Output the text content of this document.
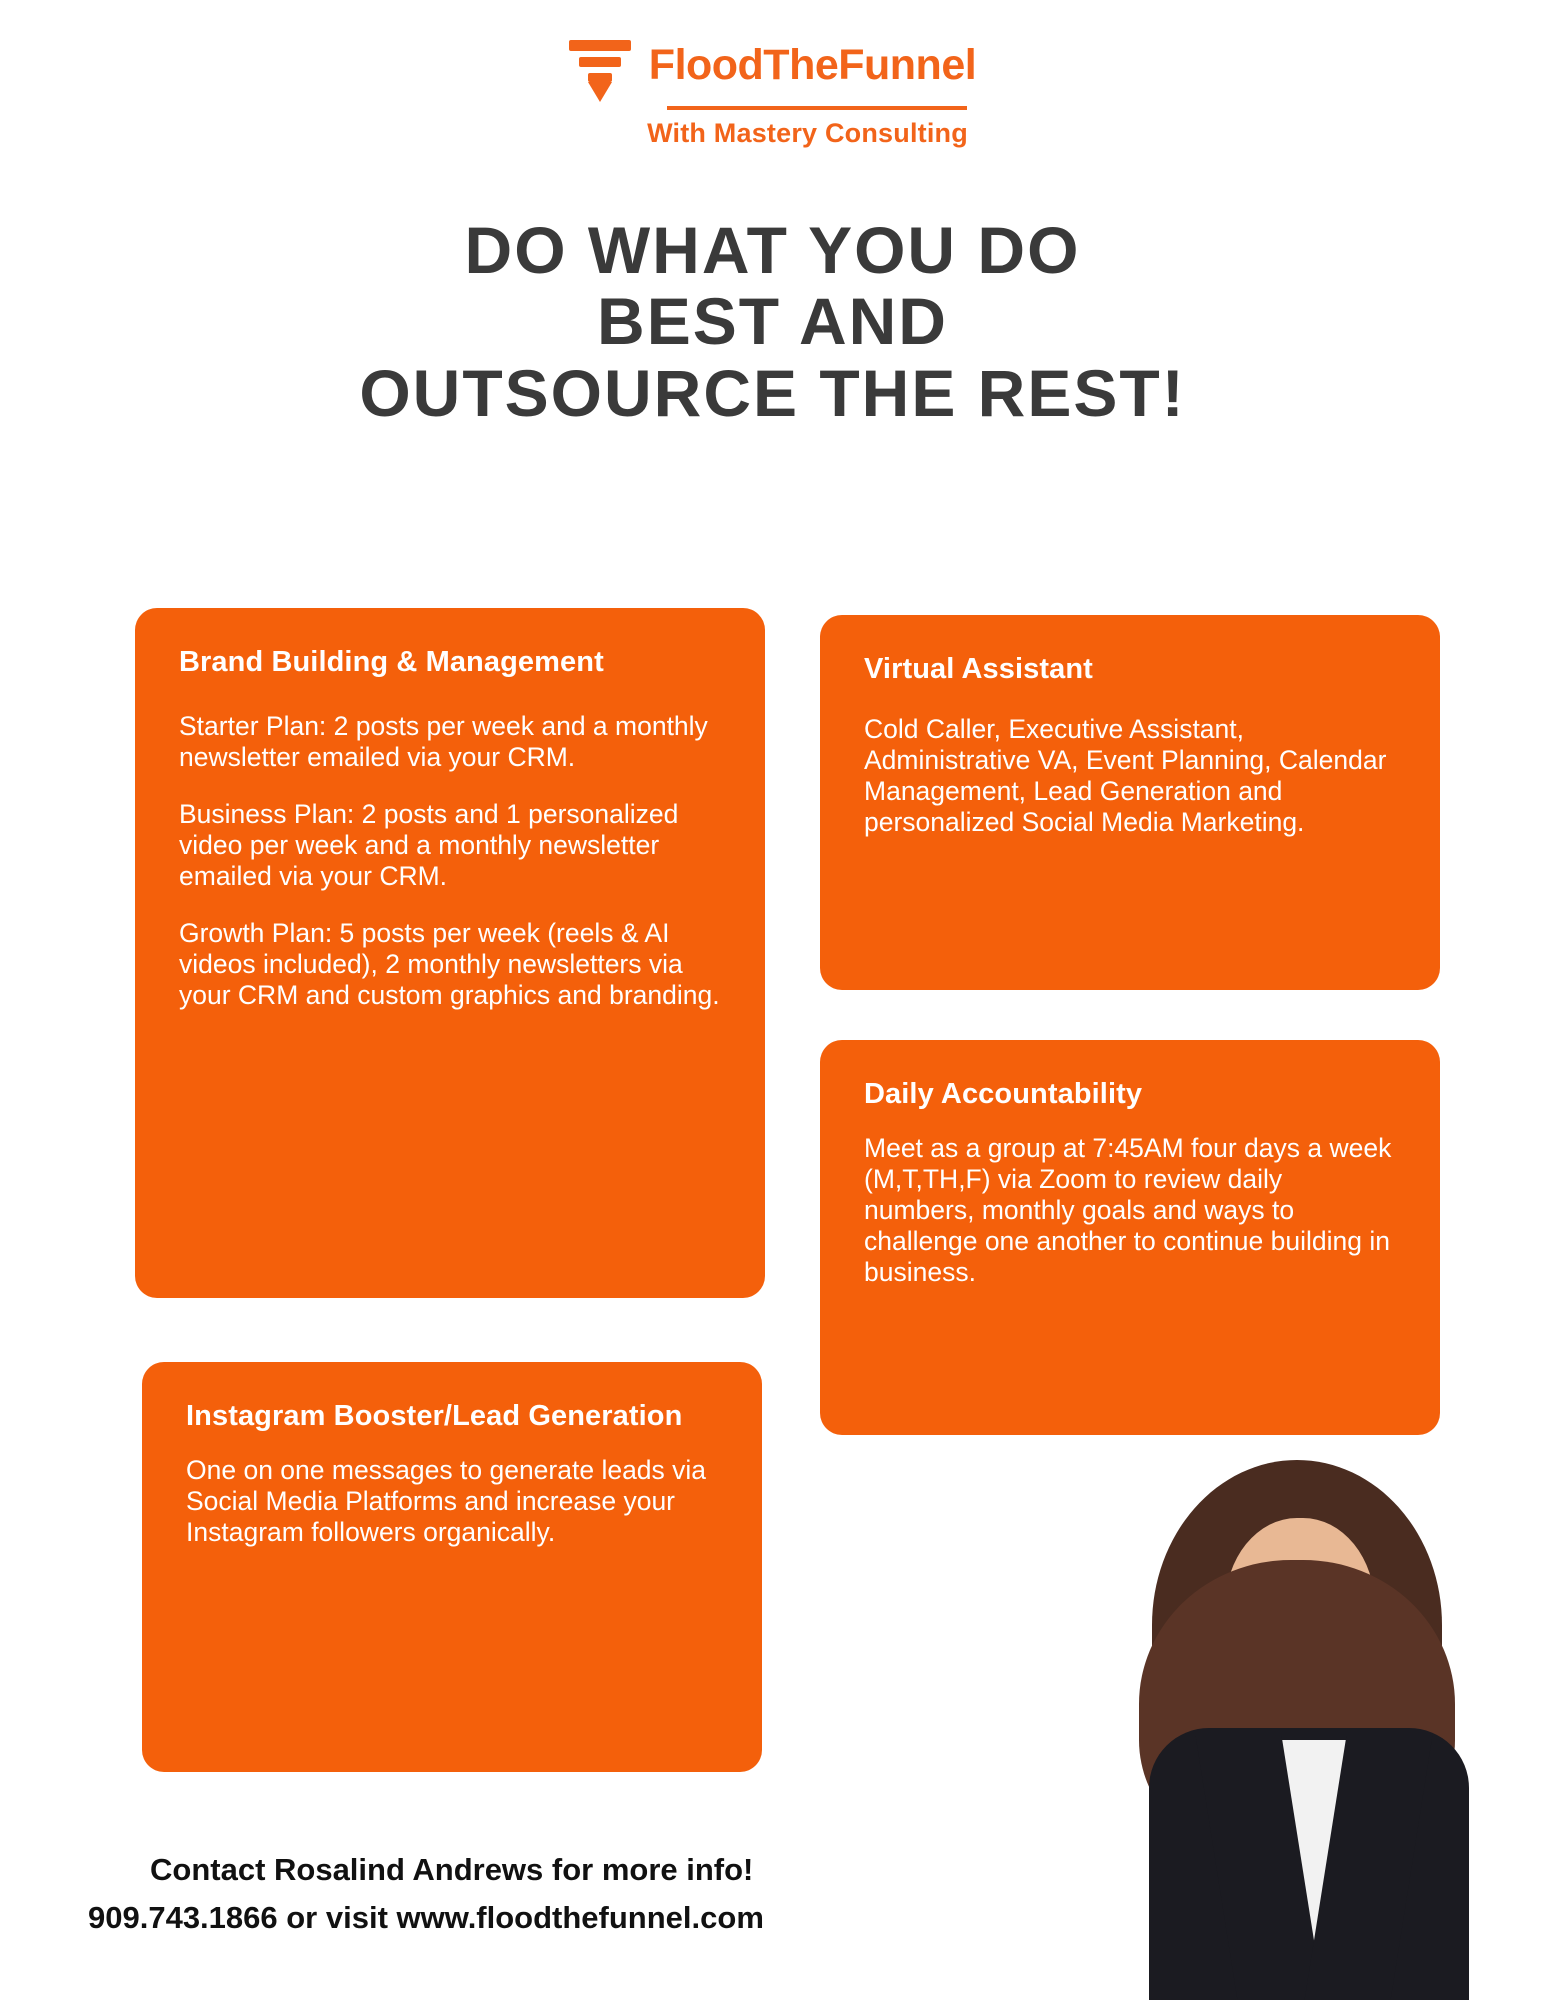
FloodTheFunnel
With Mastery Consulting
DO WHAT YOU DO
BEST AND
OUTSOURCE THE REST!
Brand Building & Management

Starter Plan: 2 posts per week and a monthly newsletter emailed via your CRM.

Business Plan: 2 posts and 1 personalized video per week and a monthly newsletter emailed via your CRM.

Growth Plan: 5 posts per week (reels & AI videos included), 2 monthly newsletters via your CRM and custom graphics and branding.

Virtual Assistant

Cold Caller, Executive Assistant, Administrative VA, Event Planning, Calendar Management, Lead Generation and personalized Social Media Marketing.

Daily Accountability

Meet as a group at 7:45AM four days a week (M,T,TH,F) via Zoom to review daily numbers, monthly goals and ways to challenge one another to continue building in business.

Instagram Booster/Lead Generation

One on one messages to generate leads via Social Media Platforms and increase your Instagram followers organically.

Contact Rosalind Andrews for more info!
909.743.1866 or visit www.floodthefunnel.com
